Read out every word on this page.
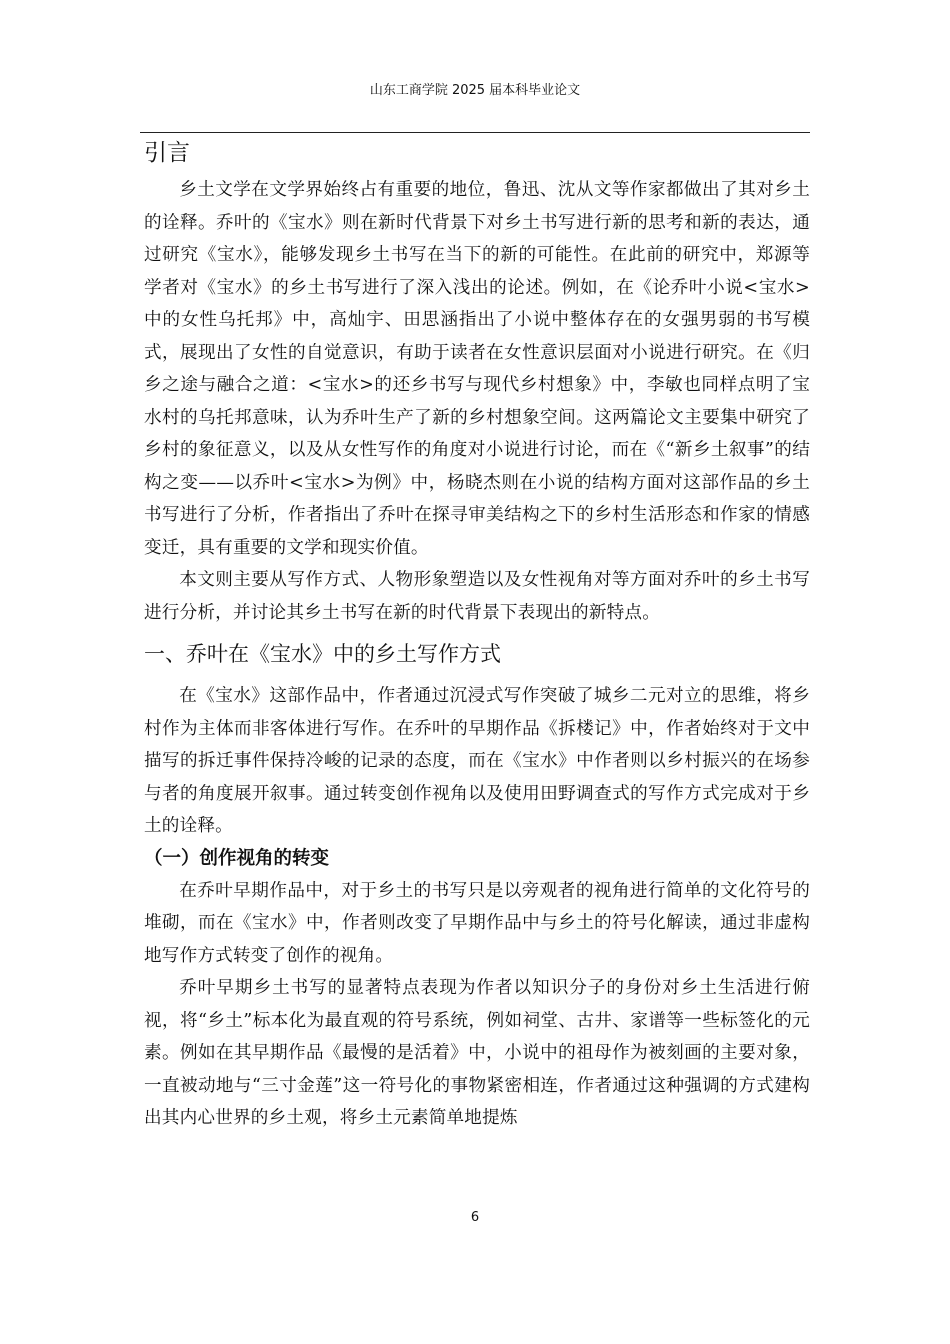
山东工商学院 2025 届本科毕业论文
引言

乡土文学在文学界始终占有重要的地位，鲁迅、沈从文等作家都做出了其对乡土的诠释。乔叶的《宝水》则在新时代背景下对乡土书写进行新的思考和新的表达，通过研究《宝水》，能够发现乡土书写在当下的新的可能性。在此前的研究中，郑源等学者对《宝水》的乡土书写进行了深入浅出的论述。例如，在《论乔叶小说<宝水>中的女性乌托邦》中，高灿宇、田思涵指出了小说中整体存在的女强男弱的书写模式，展现出了女性的自觉意识，有助于读者在女性意识层面对小说进行研究。在《归乡之途与融合之道：<宝水>的还乡书写与现代乡村想象》中，李敏也同样点明了宝水村的乌托邦意味，认为乔叶生产了新的乡村想象空间。这两篇论文主要集中研究了乡村的象征意义，以及从女性写作的角度对小说进行讨论，而在《“新乡土叙事”的结构之变——以乔叶<宝水>为例》中，杨晓杰则在小说的结构方面对这部作品的乡土书写进行了分析，作者指出了乔叶在探寻审美结构之下的乡村生活形态和作家的情感变迁，具有重要的文学和现实价值。

本文则主要从写作方式、人物形象塑造以及女性视角对等方面对乔叶的乡土书写进行分析，并讨论其乡土书写在新的时代背景下表现出的新特点。

一、乔叶在《宝水》中的乡土写作方式

在《宝水》这部作品中，作者通过沉浸式写作突破了城乡二元对立的思维，将乡村作为主体而非客体进行写作。在乔叶的早期作品《拆楼记》中，作者始终对于文中描写的拆迁事件保持冷峻的记录的态度，而在《宝水》中作者则以乡村振兴的在场参与者的角度展开叙事。通过转变创作视角以及使用田野调查式的写作方式完成对于乡土的诠释。

（一）创作视角的转变

在乔叶早期作品中，对于乡土的书写只是以旁观者的视角进行简单的文化符号的堆砌，而在《宝水》中，作者则改变了早期作品中与乡土的符号化解读，通过非虚构地写作方式转变了创作的视角。

乔叶早期乡土书写的显著特点表现为作者以知识分子的身份对乡土生活进行俯视，将“乡土”标本化为最直观的符号系统，例如祠堂、古井、家谱等一些标签化的元素。例如在其早期作品《最慢的是活着》中，小说中的祖母作为被刻画的主要对象，一直被动地与“三寸金莲”这一符号化的事物紧密相连，作者通过这种强调的方式建构出其内心世界的乡土观，将乡土元素简单地提炼

6
